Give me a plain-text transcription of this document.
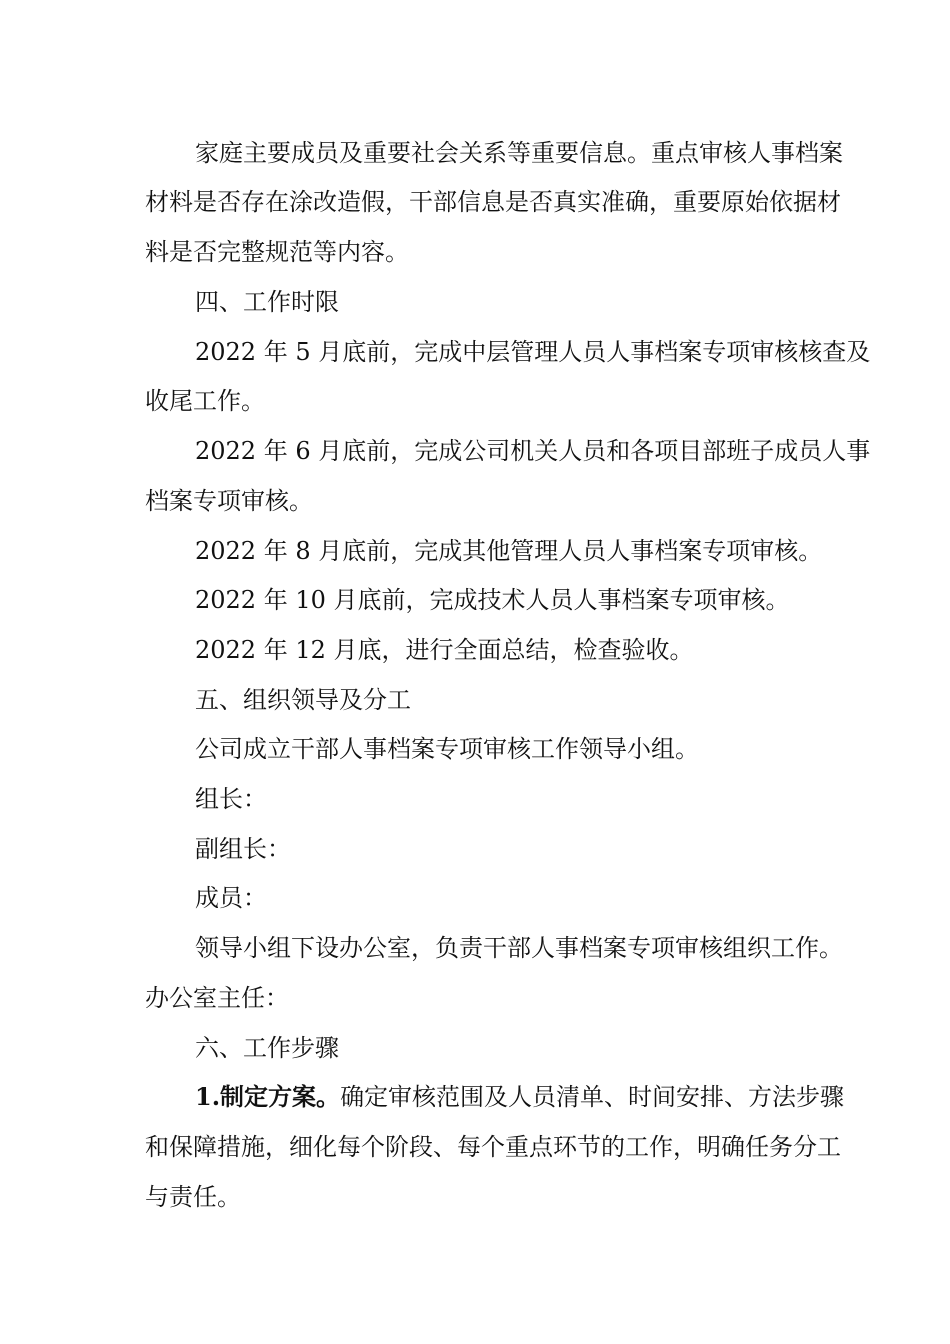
家庭主要成员及重要社会关系等重要信息。重点审核人事档案
材料是否存在涂改造假，干部信息是否真实准确，重要原始依据材
料是否完整规范等内容。
四、工作时限
2022 年 5 月底前，完成中层管理人员人事档案专项审核核查及
收尾工作。
2022 年 6 月底前，完成公司机关人员和各项目部班子成员人事
档案专项审核。
2022 年 8 月底前，完成其他管理人员人事档案专项审核。
2022 年 10 月底前，完成技术人员人事档案专项审核。
2022 年 12 月底，进行全面总结，检查验收。
五、组织领导及分工
公司成立干部人事档案专项审核工作领导小组。
组长：
副组长：
成员：
领导小组下设办公室，负责干部人事档案专项审核组织工作。
办公室主任：
六、工作步骤
1.制定方案。确定审核范围及人员清单、时间安排、方法步骤
和保障措施，细化每个阶段、每个重点环节的工作，明确任务分工
与责任。
